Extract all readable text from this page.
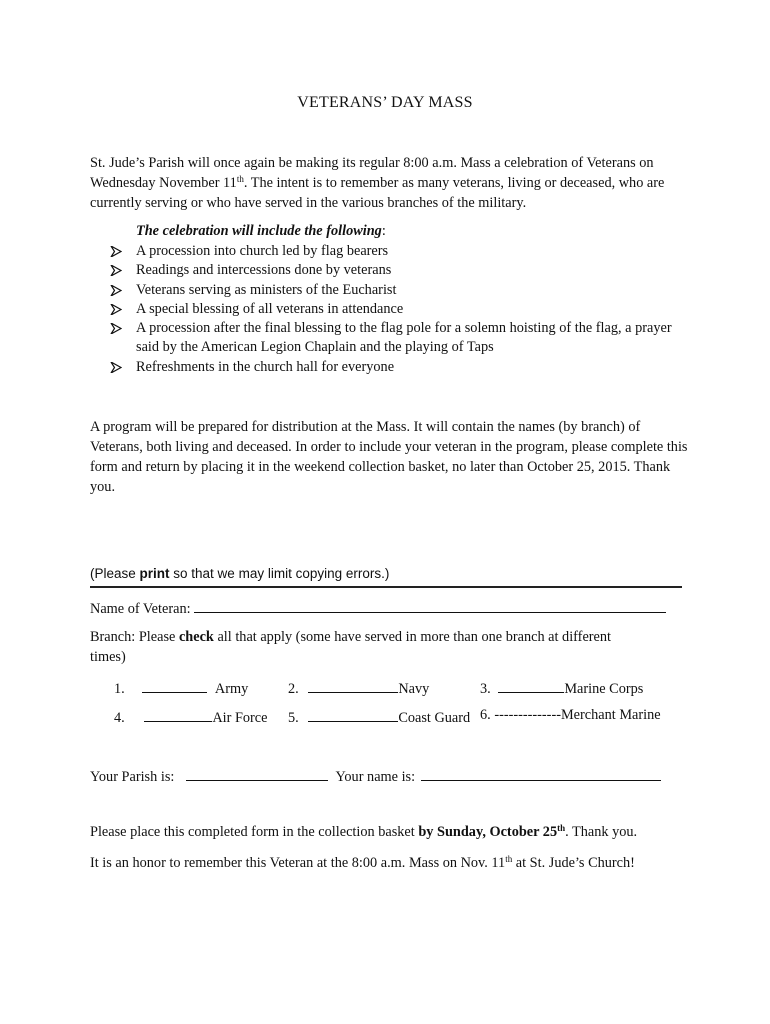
VETERANS’ DAY MASS
St. Jude’s Parish will once again be making its regular 8:00 a.m. Mass a celebration of Veterans on Wednesday November 11th. The intent is to remember as many veterans, living or deceased, who are currently serving or who have served in the various branches of the military.
The celebration will include the following:
A procession into church led by flag bearers
Readings and intercessions done by veterans
Veterans serving as ministers of the Eucharist
A special blessing of all veterans in attendance
A procession after the final blessing to the flag pole for a solemn hoisting of the flag, a prayer said by the American Legion Chaplain and the playing of Taps
Refreshments in the church hall for everyone
A program will be prepared for distribution at the Mass. It will contain the names (by branch) of Veterans, both living and deceased. In order to include your veteran in the program, please complete this form and return by placing it in the weekend collection basket, no later than October 25, 2015. Thank you.
(Please print so that we may limit copying errors.)
Name of Veteran:
Branch: Please check all that apply (some have served in more than one branch at different times)
1.	Army	2.	Navy	3.	Marine Corps
4.	Air Force 5.	Coast Guard 6. --------------Merchant Marine
Your Parish is:	Your name is:
Please place this completed form in the collection basket by Sunday, October 25th. Thank you.
It is an honor to remember this Veteran at the 8:00 a.m. Mass on Nov. 11th at St. Jude’s Church!
